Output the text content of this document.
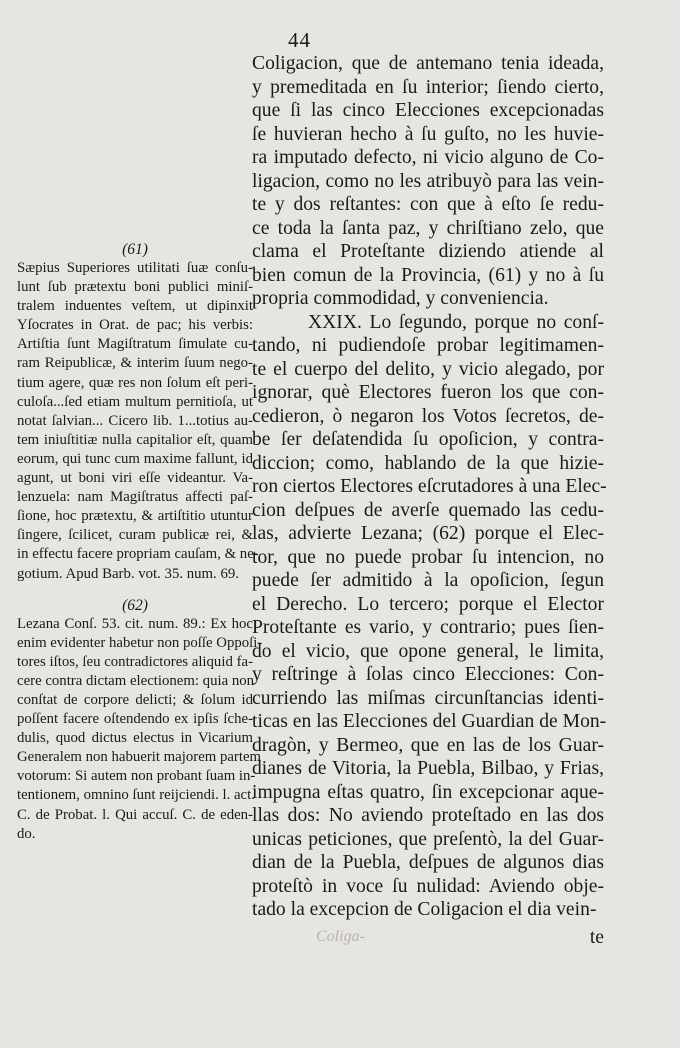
44
(61)
Sæpius Superiores utilitati ſuæ conſu-
lunt ſub prætextu boni publici miniſ-
tralem induentes veſtem, ut dipinxit
Yſocrates in Orat. de pac; his verbis:
Artiſtia ſunt Magiſtratum ſimulate cu-
ram Reipublicæ, & interim ſuum nego-
tium agere, quæ res non ſolum eſt peri-
culoſa...ſed etiam multum pernitioſa, ut
notat ſalvian... Cicero lib. 1...totius au-
tem iniuſtitiæ nulla capitalior eſt, quam
eorum, qui tunc cum maxime fallunt, id
agunt, ut boni viri eſſe videantur. Va-
lenzuela: nam Magiſtratus affecti paſ-
ſione, hoc prætextu, & artiſtitio utuntur
ſingere, ſcilicet, curam publicæ rei, &
in effectu facere propriam cauſam, & ne-
gotium. Apud Barb. vot. 35. num. 69.
(62)
Lezana Conſ. 53. cit. num. 89.: Ex hoc
enim evidenter habetur non poſſe Oppoſi-
tores iſtos, ſeu contradictores aliquid fa-
cere contra dictam electionem: quia non
conſtat de corpore delicti; & ſolum id
poſſent facere oſtendendo ex ipſis ſche-
dulis, quod dictus electus in Vicarium
Generalem non habuerit majorem partem
votorum: Si autem non probant ſuam in-
tentionem, omnino ſunt reijciendi. l. act.
C. de Probat. l. Qui accuſ. C. de eden-
do.
Coligacion, que de antemano tenia ideada,
y premeditada en ſu interior; ſiendo cierto,
que ſi las cinco Elecciones excepcionadas
ſe huvieran hecho à ſu guſto, no les huvie-
ra imputado defecto, ni vicio alguno de Co-
ligacion, como no les atribuyò para las vein-
te y dos reſtantes: con que à eſto ſe redu-
ce toda la ſanta paz, y chriſtiano zelo, que
clama el Proteſtante diziendo atiende al
bien comun de la Provincia, (61) y no à ſu
propria commodidad, y conveniencia.
XXIX. Lo ſegundo, porque no conſ-
tando, ni pudiendoſe probar legitimamen-
te el cuerpo del delito, y vicio alegado, por
ignorar, què Electores fueron los que con-
cedieron, ò negaron los Votos ſecretos, de-
be ſer deſatendida ſu opoſicion, y contra-
diccion; como, hablando de la que hizie-
ron ciertos Electores eſcrutadores à una Elec-
cion deſpues de averſe quemado las cedu-
las, advierte Lezana; (62) porque el Elec-
tor, que no puede probar ſu intencion, no
puede ſer admitido à la opoſicion, ſegun
el Derecho. Lo tercero; porque el Elector
Proteſtante es vario, y contrario; pues ſien-
do el vicio, que opone general, le limita,
y reſtringe à ſolas cinco Elecciones: Con-
curriendo las miſmas circunſtancias identi-
ticas en las Elecciones del Guardian de Mon-
dragòn, y Bermeo, que en las de los Guar-
dianes de Vitoria, la Puebla, Bilbao, y Frias,
impugna eſtas quatro, ſin excepcionar aque-
llas dos: No aviendo proteſtado en las dos
unicas peticiones, que preſentò, la del Guar-
dian de la Puebla, deſpues de algunos dias
proteſtò in voce ſu nulidad: Aviendo obje-
tado la excepcion de Coligacion el dia vein-
te
Coliga-
